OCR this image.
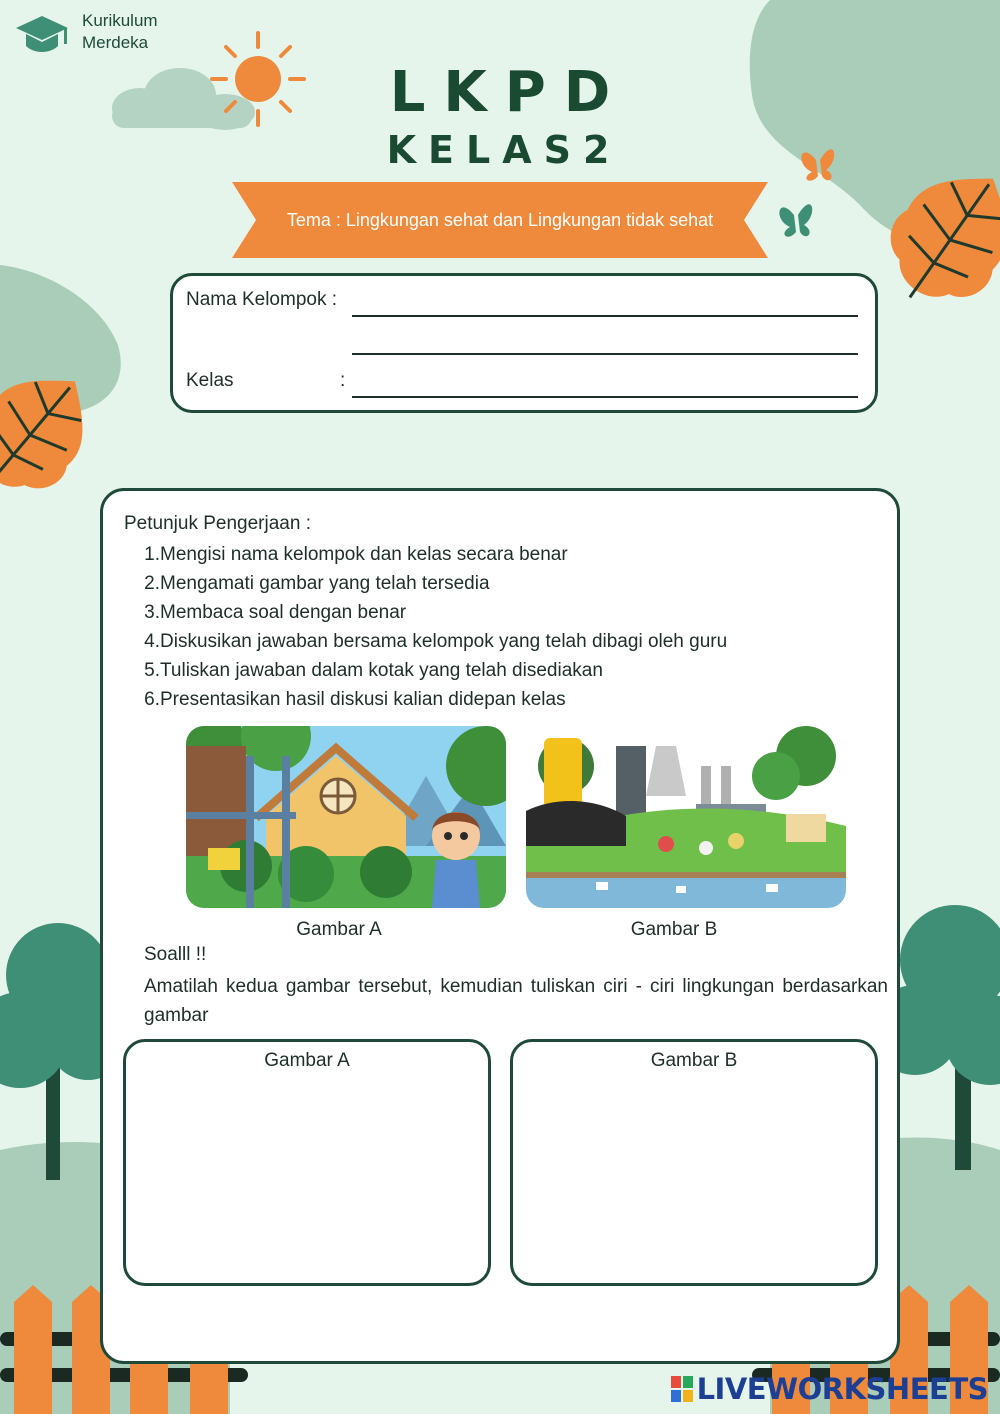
Kurikulum
Merdeka
LKPD
KELAS2
Tema : Lingkungan sehat dan Lingkungan tidak sehat
Nama Kelompok :
Kelas	:
Petunjuk Pengerjaan :
1. Mengisi nama kelompok dan kelas secara benar
2. Mengamati gambar yang telah tersedia
3. Membaca soal dengan benar
4. Diskusikan jawaban bersama kelompok yang telah dibagi oleh guru
5. Tuliskan jawaban dalam kotak yang telah disediakan
6. Presentasikan hasil diskusi kalian didepan kelas
Gambar A	Gambar B
Soalll !!
Amatilah kedua gambar tersebut, kemudian tuliskan ciri - ciri lingkungan berdasarkan gambar
Gambar A	Gambar B
LIVEWORKSHEETS
